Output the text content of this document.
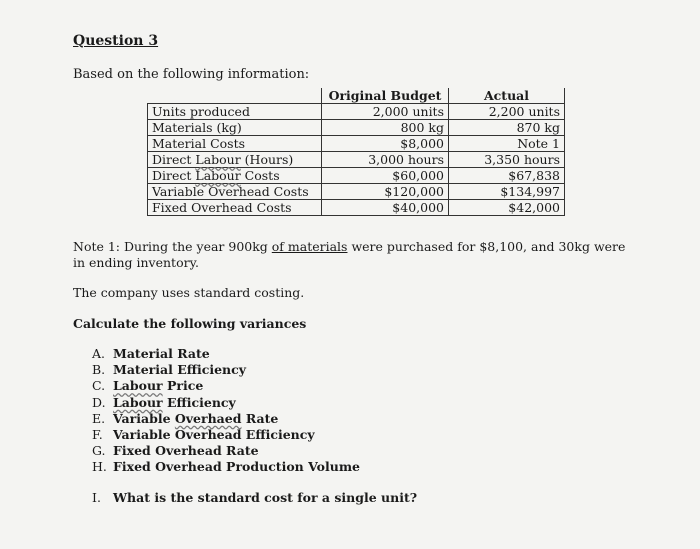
Question 3
Based on the following information:
	Original Budget	Actual
Units produced	2,000 units	2,200 units
Materials (kg)	800 kg	870 kg
Material Costs	$8,000	Note 1
Direct Labour (Hours)	3,000 hours	3,350 hours
Direct Labour Costs	$60,000	$67,838
Variable Overhead Costs	$120,000	$134,997
Fixed Overhead Costs	$40,000	$42,000
Note 1: During the year 900kg of materials were purchased for $8,100, and 30kg were in ending inventory.
The company uses standard costing.
Calculate the following variances
A. Material Rate
B. Material Efficiency
C. Labour Price
D. Labour Efficiency
E. Variable Overhaed Rate
F. Variable Overhead Efficiency
G. Fixed Overhead Rate
H. Fixed Overhead Production Volume
I. What is the standard cost for a single unit?
